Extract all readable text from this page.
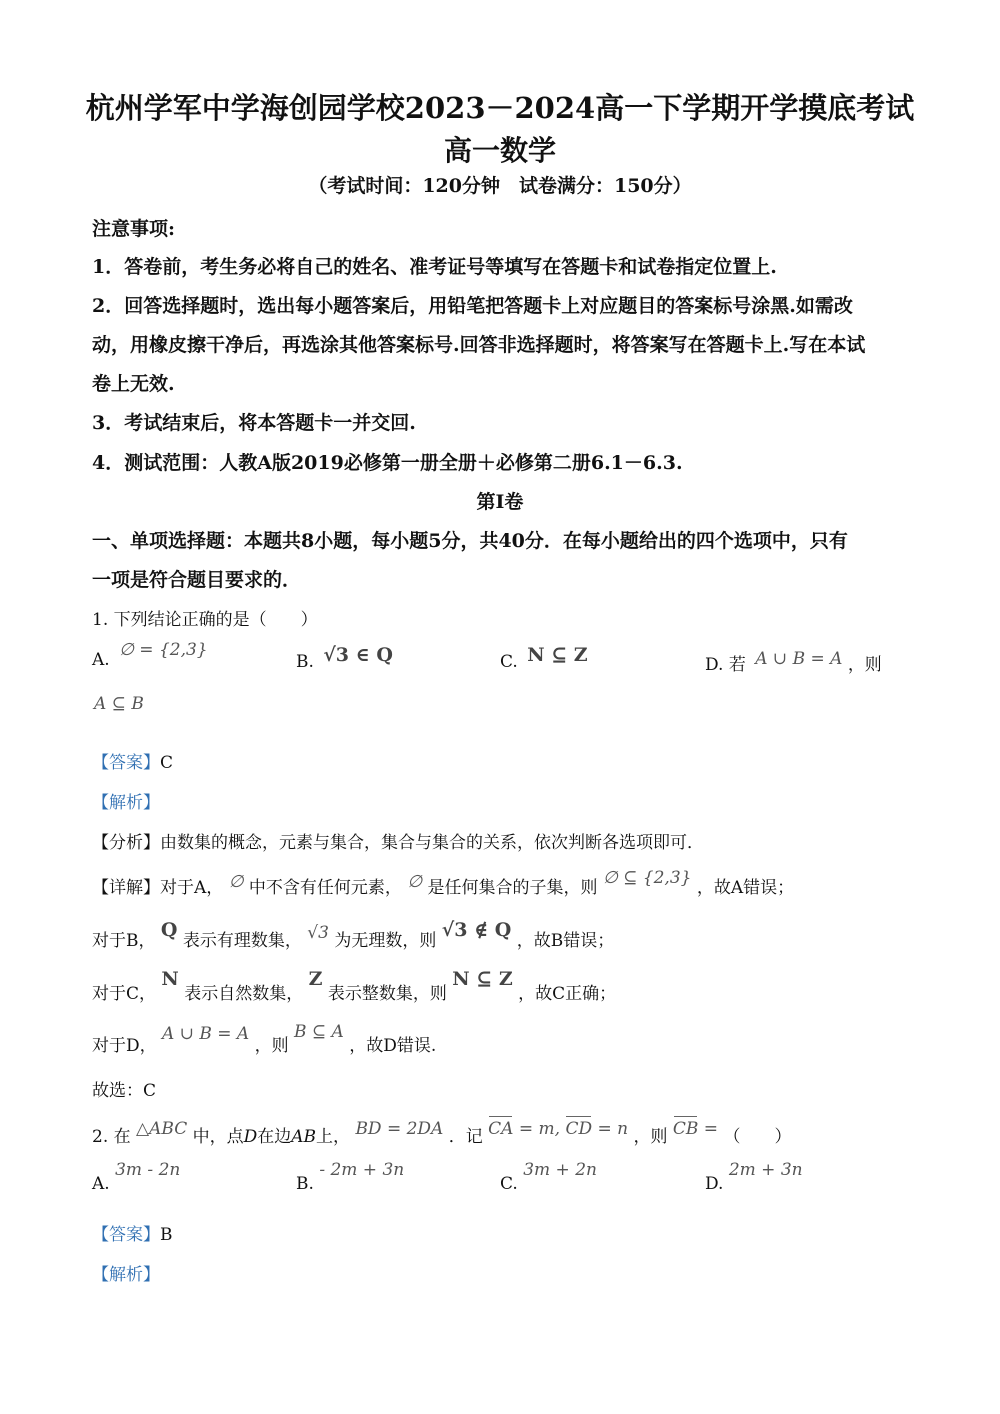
杭州学军中学海创园学校2023－2024高一下学期开学摸底考试
高一数学
（考试时间：120分钟　试卷满分：150分）
注意事项:
1．答卷前，考生务必将自己的姓名、准考证号等填写在答题卡和试卷指定位置上.
2．回答选择题时，选出每小题答案后，用铅笔把答题卡上对应题目的答案标号涂黑.如需改
动，用橡皮擦干净后，再选涂其他答案标号.回答非选择题时，将答案写在答题卡上.写在本试
卷上无效.
3．考试结束后，将本答题卡一并交回.
4．测试范围：人教A版2019必修第一册全册＋必修第二册6.1－6.3.
第Ⅰ卷
一、单项选择题：本题共8小题，每小题5分，共40分．在每小题给出的四个选项中，只有
一项是符合题目要求的．
1. 下列结论正确的是（　　）
A. ∅ = {2,3}
B. √3 ∈ Q	C. N ⊆ Z	D. 若 A ∪ B = A ，则
A ⊆ B
【答案】C
【解析】
【分析】由数集的概念，元素与集合，集合与集合的关系，依次判断各选项即可．
【详解】对于A， ∅ 中不含有任何元素， ∅ 是任何集合的子集，则 ∅ ⊆ {2,3} ，故A错误；
对于B， Q 表示有理数集， √3 为无理数，则 √3 ∉ Q ，故B错误；
对于C， N 表示自然数集， Z 表示整数集，则 N ⊆ Z ，故C正确；
对于D， A ∪ B = A ，则 B ⊆ A ，故D错误.
故选：C
2. 在 △ABC 中，点D在边AB上， BD = 2DA ．记 CA = m, CD = n ，则 CB = （　　）
A. 3m - 2n
B. - 2m + 3n
C. 3m + 2n
D. 2m + 3n
【答案】B
【解析】
